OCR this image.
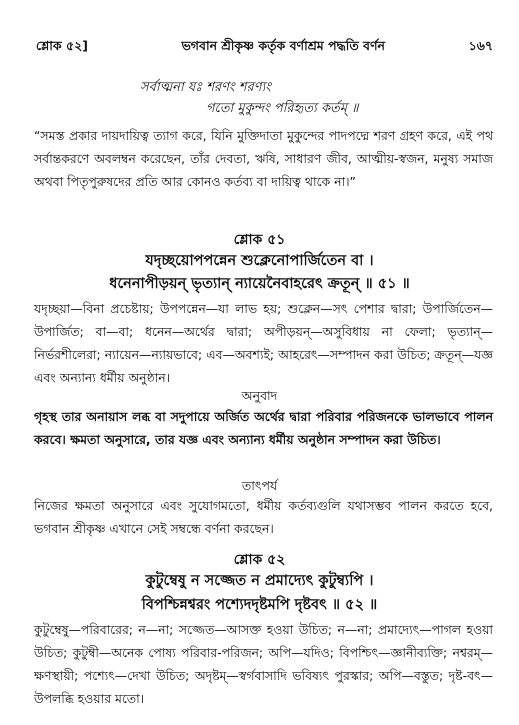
শ্লোক ৫২]	ভগবান শ্রীকৃষ্ণ কর্তৃক বর্ণাশ্রম পদ্ধতি বর্ণন	১৬৭
সর্বাত্মনা যঃ শরণং শরণ্যং
গতো মুকুন্দং পরিহৃত্য কর্তম্‌ ॥
“সমস্ত প্রকার দায়দায়িত্ব ত্যাগ করে, যিনি মুক্তিদাতা মুকুন্দের পাদপদ্মে শরণ গ্রহণ করে, এই পথ সর্বান্তকরণে অবলম্বন করেছেন, তাঁর দেবতা, ঋষি, সাধারণ জীব, আত্মীয়-স্বজন, মনুষ্য সমাজ অথবা পিতৃপুরুষদের প্রতি আর কোনও কর্তব্য বা দায়িত্ব থাকে না।”
শ্লোক ৫১
যদৃচ্ছয়োপপন্নেন শুক্লেনোপার্জিতেন বা ।
ধনেনাপীড়য়ন্‌ ভৃত্যান্‌ ন্যায়েনৈবাহরেৎ ক্রতূন্‌ ॥ ৫১ ॥
যদৃচ্ছয়া—বিনা প্রচেষ্টায়; উপপন্নেন—যা লাভ হয়; শুক্লেন—সৎ পেশার দ্বারা; উপার্জিতেন—উপার্জিত; বা—বা; ধনেন—অর্থের দ্বারা; অপীড়য়ন্‌—অসুবিধায় না ফেলা; ভৃত্যান্‌—নির্ভরশীলেরা; ন্যায়েন—ন্যায়ভাবে; এব—অবশ্যই; আহরেৎ—সম্পাদন করা উচিত; ক্রতূন্‌—যজ্ঞ এবং অন্যান্য ধর্মীয় অনুষ্ঠান।
অনুবাদ
গৃহস্থ তার অনায়াস লব্ধ বা সদুপায়ে অর্জিত অর্থের দ্বারা পরিবার পরিজনকে ভালভাবে পালন করবে। ক্ষমতা অনুসারে, তার যজ্ঞ এবং অন্যান্য ধর্মীয় অনুষ্ঠান সম্পাদন করা উচিত।
তাৎপর্য
নিজের ক্ষমতা অনুসারে এবং সুযোগমতো, ধর্মীয় কর্তব্যগুলি যথাসম্ভব পালন করতে হবে, ভগবান শ্রীকৃষ্ণ এখানে সেই সম্বন্ধে বর্ণনা করছেন।
শ্লোক ৫২
কুটুম্বেষু ন সজ্জেত ন প্রমাদ্যেৎ কুটুম্ব্যপি ।
বিপশ্চিন্নশ্বরং পশ্যেদদৃষ্টমপি দৃষ্টবৎ ॥ ৫২ ॥
কুটুম্বেষু—পরিবারের; ন—না; সজ্জেত—আসক্ত হওয়া উচিত; ন—না; প্রমাদ্যেৎ—পাগল হওয়া উচিত; কুটুম্বী—অনেক পোষ্য পরিবার-পরিজন; অপি—যদিও; বিপশ্চিৎ—জ্ঞানীব্যক্তি; নশ্বরম্‌—ক্ষণস্থায়ী; পশ্যেৎ—দেখা উচিত; অদৃষ্টম্‌—স্বর্গবাসাদি ভবিষ্যৎ পুরস্কার; অপি—বস্তুত; দৃষ্ট-বৎ—উপলব্ধি হওয়ার মতো।
